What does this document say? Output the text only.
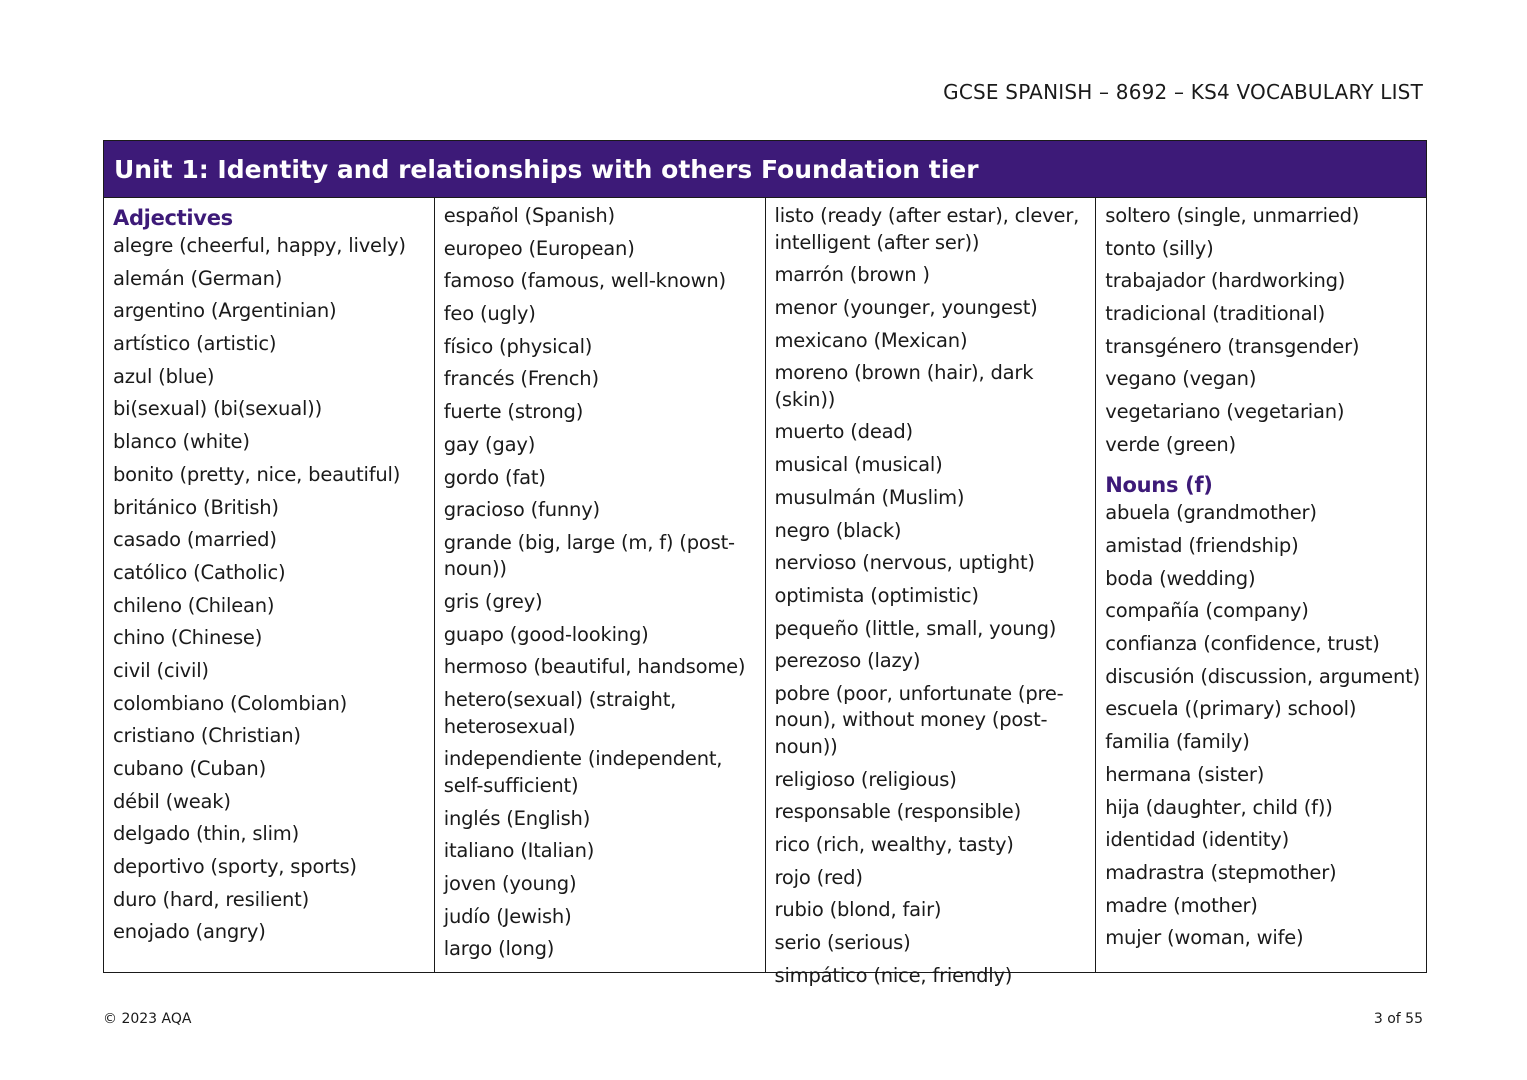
GCSE SPANISH – 8692 – KS4 VOCABULARY LIST
Unit 1: Identity and relationships with others Foundation tier
Adjectives
alegre (cheerful, happy, lively)
alemán (German)
argentino (Argentinian)
artístico (artistic)
azul (blue)
bi(sexual) (bi(sexual))
blanco (white)
bonito (pretty, nice, beautiful)
británico (British)
casado (married)
católico (Catholic)
chileno (Chilean)
chino (Chinese)
civil (civil)
colombiano (Colombian)
cristiano (Christian)
cubano (Cuban)
débil (weak)
delgado (thin, slim)
deportivo (sporty, sports)
duro (hard, resilient)
enojado (angry)
español (Spanish)
europeo (European)
famoso (famous, well-known)
feo (ugly)
físico (physical)
francés (French)
fuerte (strong)
gay (gay)
gordo (fat)
gracioso (funny)
grande (big, large (m, f) (post-noun))
gris (grey)
guapo (good-looking)
hermoso (beautiful, handsome)
hetero(sexual) (straight, heterosexual)
independiente (independent, self-sufficient)
inglés (English)
italiano (Italian)
joven (young)
judío (Jewish)
largo (long)
listo (ready (after estar), clever, intelligent (after ser))
marrón (brown )
menor (younger, youngest)
mexicano (Mexican)
moreno (brown (hair), dark (skin))
muerto (dead)
musical (musical)
musulmán (Muslim)
negro (black)
nervioso (nervous, uptight)
optimista (optimistic)
pequeño (little, small, young)
perezoso (lazy)
pobre (poor, unfortunate (pre-noun), without money (post-noun))
religioso (religious)
responsable (responsible)
rico (rich, wealthy, tasty)
rojo (red)
rubio (blond, fair)
serio (serious)
simpático (nice, friendly)
soltero (single, unmarried)
tonto (silly)
trabajador (hardworking)
tradicional (traditional)
transgénero (transgender)
vegano (vegan)
vegetariano (vegetarian)
verde (green)
Nouns (f)
abuela (grandmother)
amistad (friendship)
boda (wedding)
compañía (company)
confianza (confidence, trust)
discusión (discussion, argument)
escuela ((primary) school)
familia (family)
hermana (sister)
hija (daughter, child (f))
identidad (identity)
madrastra (stepmother)
madre (mother)
mujer (woman, wife)
© 2023 AQA	3 of 55
